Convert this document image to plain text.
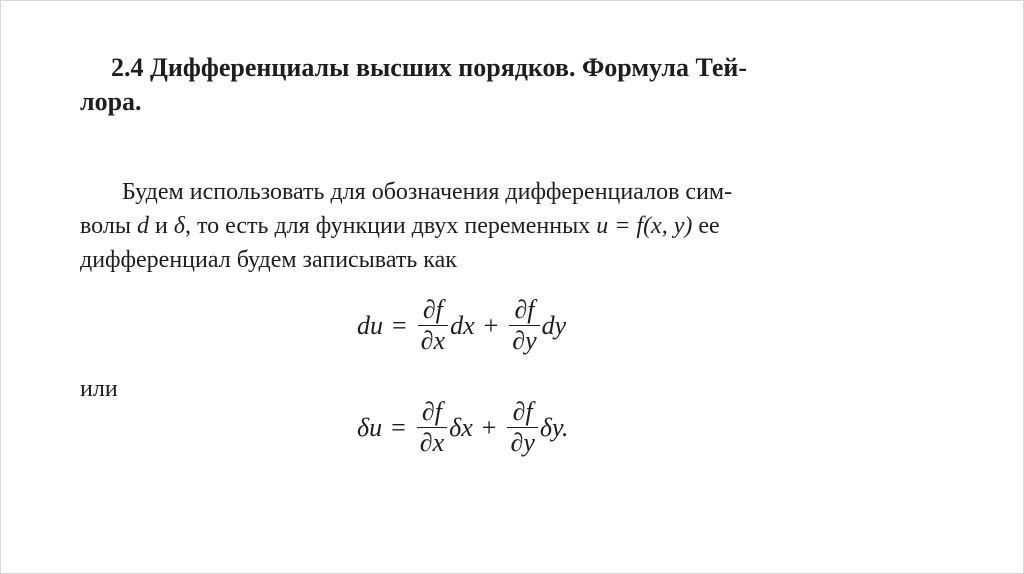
2.4 Дифференциалы высших порядков. Формула Тей-
лора.

Будем использовать для обозначения дифференциалов сим-

волы d и δ, то есть для функции двух переменных u = f(x, y) ее

дифференциал будем записывать как

du = $\frac{\partial f}{\partial x}$ dx + $\frac{\partial f}{\partial y}$ dy

или

$\delta u = \frac{\partial f}{\partial x}$ $\delta x + \frac{\partial f}{\partial y} \delta y$.
